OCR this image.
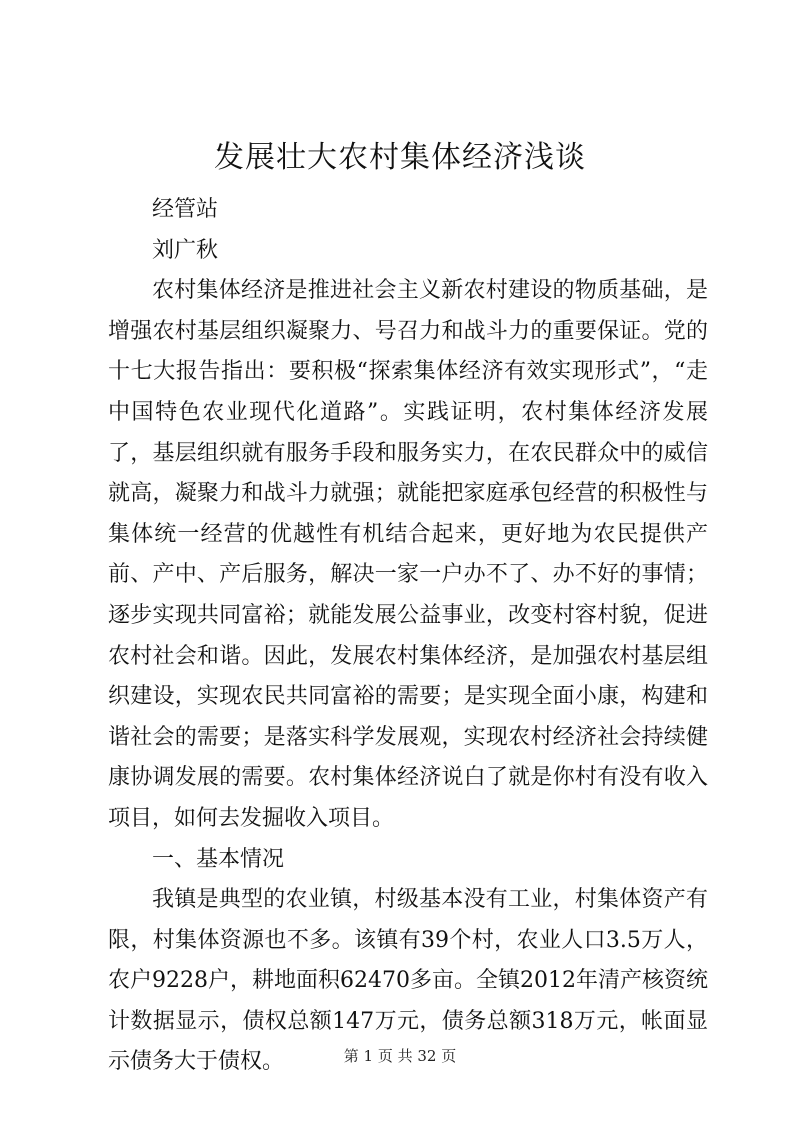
发展壮大农村集体经济浅谈

经管站

刘广秋

农村集体经济是推进社会主义新农村建设的物质基础，是增强农村基层组织凝聚力、号召力和战斗力的重要保证。党的十七大报告指出：要积极“探索集体经济有效实现形式”，“走中国特色农业现代化道路”。实践证明，农村集体经济发展了，基层组织就有服务手段和服务实力，在农民群众中的威信就高，凝聚力和战斗力就强；就能把家庭承包经营的积极性与集体统一经营的优越性有机结合起来，更好地为农民提供产前、产中、产后服务，解决一家一户办不了、办不好的事情；逐步实现共同富裕；就能发展公益事业，改变村容村貌，促进农村社会和谐。因此，发展农村集体经济，是加强农村基层组织建设，实现农民共同富裕的需要；是实现全面小康，构建和谐社会的需要；是落实科学发展观，实现农村经济社会持续健康协调发展的需要。农村集体经济说白了就是你村有没有收入项目，如何去发掘收入项目。

一、基本情况

我镇是典型的农业镇，村级基本没有工业，村集体资产有限，村集体资源也不多。该镇有39个村，农业人口3.5万人，农户9228户，耕地面积62470多亩。全镇2012年清产核资统计数据显示，债权总额147万元，债务总额318万元，帐面显示债务大于债权。	第 1 页 共 32 页
